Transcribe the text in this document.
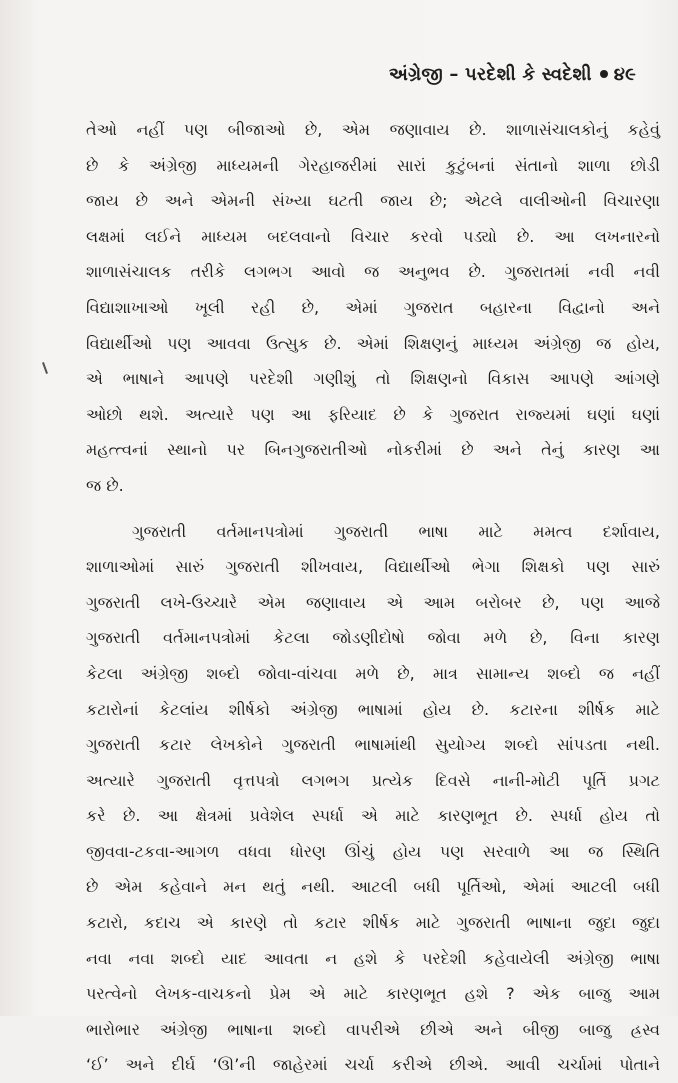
અંગ્રેજી – પરદેશી કે સ્વદેશી ૪૯
તેઓ નહીં પણ બીજાઓ છે, એમ જણાવાય છે. શાળાસંચાલકોનું કહેવું
છે કે અંગ્રેજી માધ્યમની ગેરહાજરીમાં સારાં કુટુંબનાં સંતાનો શાળા છોડી
જાય છે અને એમની સંખ્યા ઘટતી જાય છે; એટલે વાલીઓની વિચારણા
લક્ષમાં લઈને માધ્યમ બદલવાનો વિચાર કરવો પડ્યો છે. આ લખનારનો
શાળાસંચાલક તરીકે લગભગ આવો જ અનુભવ છે. ગુજરાતમાં નવી નવી
વિદ્યાશાખાઓ ખૂલી રહી છે, એમાં ગુજરાત બહારના વિદ્વાનો અને
વિદ્યાર્થીઓ પણ આવવા ઉત્સુક છે. એમાં શિક્ષણનું માધ્યમ અંગ્રેજી જ હોય,
એ ભાષાને આપણે પરદેશી ગણીશું તો શિક્ષણનો વિકાસ આપણે આંગણે
ઓછો થશે. અત્યારે પણ આ ફરિયાદ છે કે ગુજરાત રાજ્યમાં ઘણાં ઘણાં
મહત્ત્વનાં સ્થાનો પર બિનગુજરાતીઓ નોકરીમાં છે અને તેનું કારણ આ
જ છે.
ગુજરાતી વર્તમાનપત્રોમાં ગુજરાતી ભાષા માટે મમત્વ દર્શાવાય,
શાળાઓમાં સારું ગુજરાતી શીખવાય, વિદ્યાર્થીઓ ભેગા શિક્ષકો પણ સારું
ગુજરાતી લખે-ઉચ્ચારે એમ જણાવાય એ આમ બરોબર છે, પણ આજે
ગુજરાતી વર્તમાનપત્રોમાં કેટલા જોડણીદોષો જોવા મળે છે, વિના કારણ
કેટલા અંગ્રેજી શબ્દો જોવા-વાંચવા મળે છે, માત્ર સામાન્ય શબ્દો જ નહીં
કટારોનાં કેટલાંય શીર્ષકો અંગ્રેજી ભાષામાં હોય છે. કટારના શીર્ષક માટે
ગુજરાતી કટાર લેખકોને ગુજરાતી ભાષામાંથી સુયોગ્ય શબ્દો સાંપડતા નથી.
અત્યારે ગુજરાતી વૃત્તપત્રો લગભગ પ્રત્યેક દિવસે નાની-મોટી પૂર્તિ પ્રગટ
કરે છે. આ ક્ષેત્રમાં પ્રવેશેલ સ્પર્ધા એ માટે કારણભૂત છે. સ્પર્ધા હોય તો
જીવવા-ટકવા-આગળ વધવા ધોરણ ઊંચું હોય પણ સરવાળે આ જ સ્થિતિ
છે એમ કહેવાને મન થતું નથી. આટલી બધી પૂર્તિઓ, એમાં આટલી બધી
કટારો, કદાચ એ કારણે તો કટાર શીર્ષક માટે ગુજરાતી ભાષાના જુદા જુદા
નવા નવા શબ્દો યાદ આવતા ન હશે કે પરદેશી કહેવાયેલી અંગ્રેજી ભાષા
પરત્વેનો લેખક-વાચકનો પ્રેમ એ માટે કારણભૂત હશે ? એક બાજુ આમ
ભારોભાર અંગ્રેજી ભાષાના શબ્દો વાપરીએ છીએ અને બીજી બાજુ હ્રસ્વ
‘ઈ’ અને દીર્ઘ ‘ઊ’ની જાહેરમાં ચર્ચા કરીએ છીએ. આવી ચર્ચામાં પોતાને
